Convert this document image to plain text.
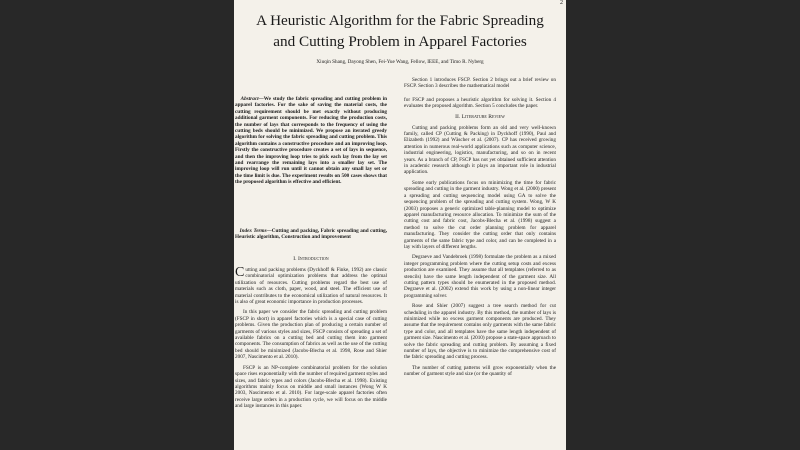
2
A Heuristic Algorithm for the Fabric Spreading and Cutting Problem in Apparel Factories
Xiuqin Shang, Dayong Shen, Fei-Yue Wang, Fellow, IEEE, and Timo R. Nyberg

Abstract—We study the fabric spreading and cutting problem in apparel factories. For the sake of saving the material costs, the cutting requirement should be met exactly without producing additional garment components. For reducing the production costs, the number of lays that corresponds to the frequency of using the cutting beds should be minimized. We propose an iterated greedy algorithm for solving the fabric spreading and cutting problem. This algorithm contains a constructive procedure and an improving loop. Firstly the constructive procedure creates a set of lays in sequence, and then the improving loop tries to pick each lay from the lay set and rearrange the remaining lays into a smaller lay set. The improving loop will run until it cannot obtain any small lay set or the time limit is due. The experiment results on 500 cases shows that the proposed algorithm is effective and efficient.

Index Terms—Cutting and packing, Fabric spreading and cutting, Heuristic algorithm, Construction and improvement

I. Introduction

Cutting and packing problems (Dyckhoff & Finke, 1992) are classic combinatorial optimization problems that address the optimal utilization of resources. Cutting problems regard the best use of materials such as cloth, paper, wood, and steel. The efficient use of material contributes to the economical utilization of natural resources. It is also of great economic importance in production processes.

In this paper we consider the fabric spreading and cutting problem (FSCP in short) in apparel factories which is a special case of cutting problems. Given the production plan of producing a certain number of garments of various styles and sizes, FSCP consists of spreading a set of available fabrics on a cutting bed and cutting them into garment components. The consumption of fabrics as well as the use of the cutting bed should be minimized (Jacobs-Blecha et al. 1998, Rose and Shier 2007, Nascimento et al. 2010).

FSCP is an NP-complete combinatorial problem for the solution space rises exponentially with the number of required garment styles and sizes, and fabric types and colors (Jacobs-Blecha et al. 1998). Existing algorithms mainly focus on middle and small instances (Wong W K 2003, Nascimento et al. 2010). For large-scale apparel factories often receive large orders in a production cycle, we will focus on the middle and large instances in this paper.

Section 1 introduces FSCP. Section 2 brings out a brief review on FSCP. Section 3 describes the mathematical model

for FSCP and proposes a heuristic algorithm for solving it. Section 4 evaluates the proposed algorithm. Section 5 concludes the paper.

II. Literature Review

Cutting and packing problems form an old and very well-known family, called CP (Cutting & Packing) in Dyckhoff (1990), Paul and Elizabeth (1992) and Wäscher et al. (2007). CP has received growing attention in numerous real-world applications such as computer science, industrial engineering, logistics, manufacturing, and so on in recent years. As a branch of CP, FSCP has not yet obtained sufficient attention in academic research although it plays an important role in industrial application.

Some early publications focus on minimizing the time for fabric spreading and cutting in the garment industry. Wong et al. (2000) present a spreading and cutting sequencing model using GA to solve the sequencing problem of the spreading and cutting system. Wong, W K (2003) proposes a generic optimized table-planning model to optimize apparel manufacturing resource allocation. To minimize the sum of the cutting cost and fabric cost, Jacobs-Blecha et al. (1998) suggest a method to solve the cut order planning problem for apparel manufacturing. They consider the cutting order that only contains garments of the same fabric type and color, and can be completed in a lay with layers of different lengths.

Degraeve and Vandebroek (1998) formulate the problem as a mixed integer programming problem where the cutting setup costs and excess production are examined. They assume that all templates (referred to as stencils) have the same length independent of the garment size. All cutting pattern types should be enumerated in the proposed method. Degraeve et al. (2002) extend this work by using a non-linear integer programming solver.

Rose and Shier (2007) suggest a tree search method for cut scheduling in the apparel industry. By this method, the number of lays is minimized while no excess garment components are produced. They assume that the requirement contains only garments with the same fabric type and color, and all templates have the same length independent of garment size. Nascimento et al. (2010) propose a state-space approach to solve the fabric spreading and cutting problem. By assuming a fixed number of lays, the objective is to minimize the comprehensive cost of the fabric spreading and cutting process.

The number of cutting patterns will grow exponentially when the number of garment style and size (or the quantity of
